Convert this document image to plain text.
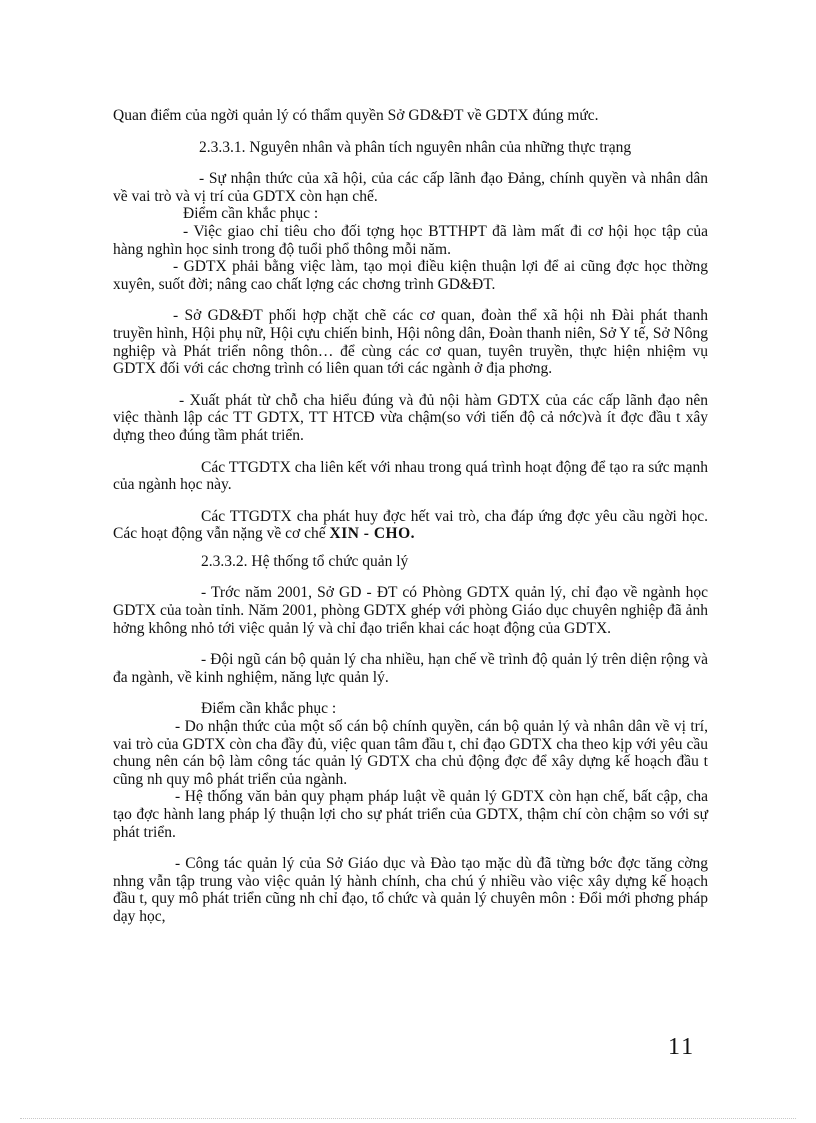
Quan điểm của ngời quản lý có thẩm quyền Sở GD&ĐT về GDTX đúng mức.

2.3.3.1. Nguyên nhân và phân tích nguyên nhân của những thực trạng

- Sự nhận thức của xã hội, của các cấp lãnh đạo Đảng, chính quyền và nhân dân về vai trò và vị trí của GDTX còn hạn chế.

Điểm cần khắc phục :

- Việc giao chỉ tiêu cho đối tợng học BTTHPT đã làm mất đi cơ hội học tập của hàng nghìn học sinh trong độ tuổi phổ thông mỗi năm.

- GDTX phải bằng việc làm, tạo mọi điều kiện thuận lợi để ai cũng đợc học thờng xuyên, suốt đời; nâng cao chất lợng các chơng trình GD&ĐT.

- Sở GD&ĐT phối hợp chặt chẽ các cơ quan, đoàn thể xã hội nh Đài phát thanh truyền hình, Hội phụ nữ, Hội cựu chiến binh, Hội nông dân, Đoàn thanh niên, Sở Y tế, Sở Nông nghiệp và Phát triển nông thôn… để cùng các cơ quan, tuyên truyền, thực hiện nhiệm vụ GDTX đối với các chơng trình có liên quan tới các ngành ở địa phơng.

- Xuất phát từ chỗ cha hiểu đúng và đủ nội hàm GDTX của các cấp lãnh đạo nên việc thành lập các TT GDTX, TT HTCĐ vừa chậm(so với tiến độ cả nớc)và ít đợc đầu t xây dựng theo đúng tầm phát triển.

Các TTGDTX cha liên kết với nhau trong quá trình hoạt động để tạo ra sức mạnh của ngành học này.

Các TTGDTX cha phát huy đợc hết vai trò, cha đáp ứng đợc yêu cầu ngời học. Các hoạt động vẫn nặng về cơ chế XIN - CHO.

2.3.3.2. Hệ thống tổ chức quản lý

- Trớc năm 2001, Sở GD - ĐT có Phòng GDTX quản lý, chỉ đạo về ngành học GDTX của toàn tỉnh. Năm 2001, phòng GDTX ghép với phòng Giáo dục chuyên nghiệp đã ảnh hởng không nhỏ tới việc quản lý và chỉ đạo triển khai các hoạt động của GDTX.

- Đội ngũ cán bộ quản lý cha nhiều, hạn chế về trình độ quản lý trên diện rộng và đa ngành, về kinh nghiệm, năng lực quản lý.

Điểm cần khắc phục :

- Do nhận thức của một số cán bộ chính quyền, cán bộ quản lý và nhân dân về vị trí, vai trò của GDTX còn cha đầy đủ, việc quan tâm đầu t, chỉ đạo GDTX cha theo kịp với yêu cầu chung nên cán bộ làm công tác quản lý GDTX cha chủ động đợc để xây dựng kế hoạch đầu t cũng nh quy mô phát triển của ngành.

- Hệ thống văn bản quy phạm pháp luật về quản lý GDTX còn hạn chế, bất cập, cha tạo đợc hành lang pháp lý thuận lợi cho sự phát triển của GDTX, thậm chí còn chậm so với sự phát triển.

- Công tác quản lý của Sở Giáo dục và Đào tạo mặc dù đã từng bớc đợc tăng cờng nhng vẫn tập trung vào việc quản lý hành chính, cha chú ý nhiều vào việc xây dựng kế hoạch đầu t, quy mô phát triển cũng nh chỉ đạo, tổ chức và quản lý chuyên môn : Đổi mới phơng pháp dạy học,

11
